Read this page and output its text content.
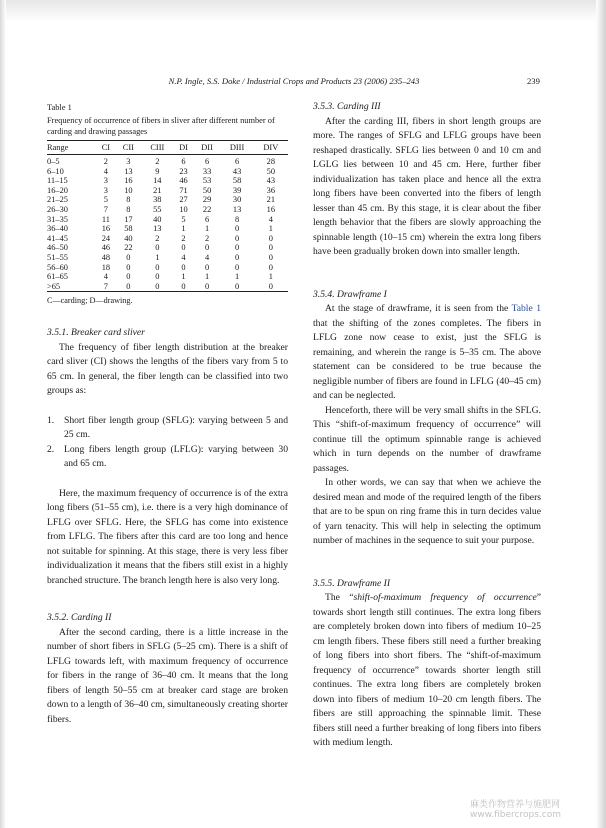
N.P. Ingle, S.S. Doke / Industrial Crops and Products 23 (2006) 235–243	239
Table 1
Frequency of occurrence of fibers in sliver after different number of carding and drawing passages
Range	CI	CII	CIII	DI	DII	DIII	DIV
0–5	2	3	2	6	6	6	28
6–10	4	13	9	23	33	43	50
11–15	3	16	14	46	53	58	43
16–20	3	10	21	71	50	39	36
21–25	5	8	38	27	29	30	21
26–30	7	8	55	10	22	13	16
31–35	11	17	40	5	6	8	4
36–40	16	58	13	1	1	0	1
41–45	24	40	2	2	2	0	0
46–50	46	22	0	0	0	0	0
51–55	48	0	1	4	4	0	0
56–60	18	0	0	0	0	0	0
61–65	4	0	0	1	1	1	1
>65	7	0	0	0	0	0	0
C—carding; D—drawing.

3.5.1. Breaker card sliver

The frequency of fiber length distribution at the breaker card sliver (CI) shows the lengths of the fibers vary from 5 to 65 cm. In general, the fiber length can be classified into two groups as:

1.	Short fiber length group (SFLG): varying between 5 and 25 cm.
2.	Long fibers length group (LFLG): varying between 30 and 65 cm.

Here, the maximum frequency of occurrence is of the extra long fibers (51–55 cm), i.e. there is a very high dominance of LFLG over SFLG. Here, the SFLG has come into existence from LFLG. The fibers after this card are too long and hence not suitable for spinning. At this stage, there is very less fiber individualization it means that the fibers still exist in a highly branched structure. The branch length here is also very long.

3.5.2. Carding II

After the second carding, there is a little increase in the number of short fibers in SFLG (5–25 cm). There is a shift of LFLG towards left, with maximum frequency of occurrence for fibers in the range of 36–40 cm. It means that the long fibers of length 50–55 cm at breaker card stage are broken down to a length of 36–40 cm, simultaneously creating shorter fibers.

3.5.3. Carding III

After the carding III, fibers in short length groups are more. The ranges of SFLG and LFLG groups have been reshaped drastically. SFLG lies between 0 and 10 cm and LGLG lies between 10 and 45 cm. Here, further fiber individualization has taken place and hence all the extra long fibers have been converted into the fibers of length lesser than 45 cm. By this stage, it is clear about the fiber length behavior that the fibers are slowly approaching the spinnable length (10–15 cm) wherein the extra long fibers have been gradually broken down into smaller length.

3.5.4. Drawframe I

At the stage of drawframe, it is seen from the Table 1 that the shifting of the zones completes. The fibers in LFLG zone now cease to exist, just the SFLG is remaining, and wherein the range is 5–35 cm. The above statement can be considered to be true because the negligible number of fibers are found in LFLG (40–45 cm) and can be neglected.

Henceforth, there will be very small shifts in the SFLG. This “shift-of-maximum frequency of occurrence” will continue till the optimum spinnable range is achieved which in turn depends on the number of drawframe passages.

In other words, we can say that when we achieve the desired mean and mode of the required length of the fibers that are to be spun on ring frame this in turn decides value of yarn tenacity. This will help in selecting the optimum number of machines in the sequence to suit your purpose.

3.5.5. Drawframe II

The “shift-of-maximum frequency of occurrence” towards short length still continues. The extra long fibers are completely broken down into fibers of medium 10–25 cm length fibers. These fibers still need a further breaking of long fibers into short fibers. The “shift-of-maximum frequency of occurrence” towards shorter length still continues. The extra long fibers are completely broken down into fibers of medium 10–20 cm length fibers. The fibers are still approaching the spinnable limit. These fibers still need a further breaking of long fibers into fibers with medium length.

麻类作物营养与施肥网
www.fibercrops.com
